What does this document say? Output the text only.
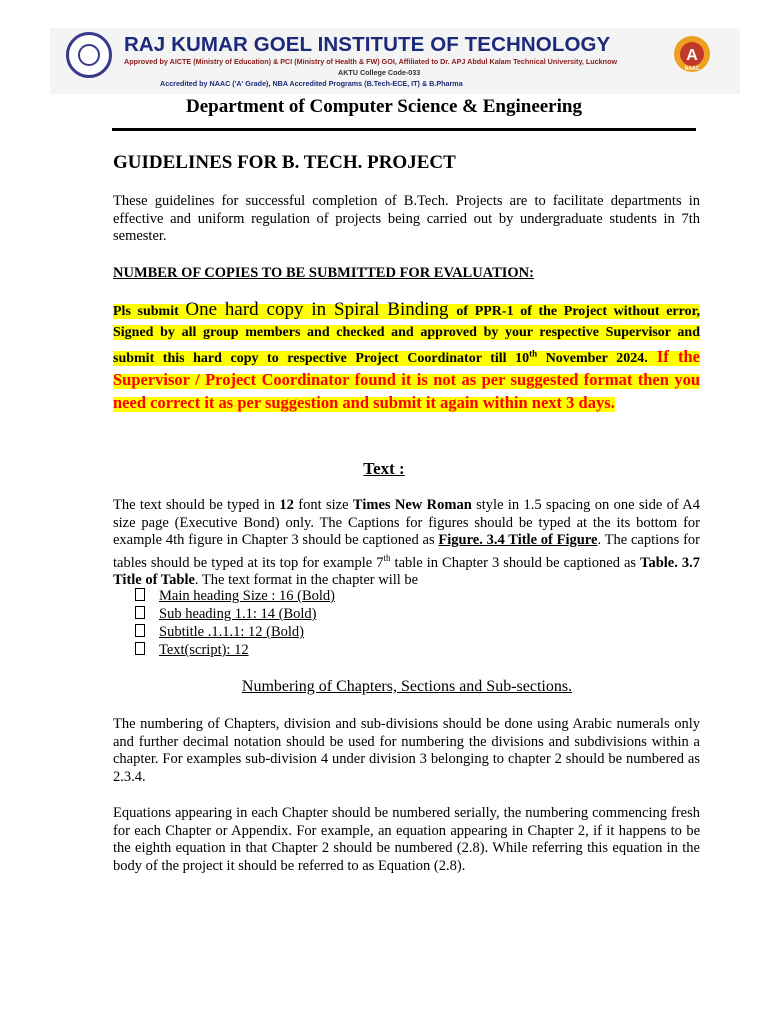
RAJ KUMAR GOEL INSTITUTE OF TECHNOLOGY
Approved by AICTE (Ministry of Education) & PCI (Ministry of Health & FW) GOI, Affiliated to Dr. APJ Abdul Kalam Technical University, Lucknow
AKTU College Code-033
Accredited by NAAC ('A' Grade), NBA Accredited Programs (B.Tech-ECE, IT) & B.Pharma
A
NAAC
Department of Computer Science & Engineering
GUIDELINES FOR B. TECH. PROJECT
These guidelines for successful completion of B.Tech. Projects are to facilitate departments in effective and uniform regulation of projects being carried out by undergraduate students in 7th semester.
NUMBER OF COPIES TO BE SUBMITTED FOR EVALUATION:
Pls submit One hard copy in Spiral Binding of PPR-1 of the Project without error, Signed by all group members and checked and approved by your respective Supervisor and submit this hard copy to respective Project Coordinator till 10th November 2024. If the Supervisor / Project Coordinator found it is not as per suggested format then you need correct it as per suggestion and submit it again within next 3 days.
Text :
The text should be typed in 12 font size Times New Roman style in 1.5 spacing on one side of A4 size page (Executive Bond) only. The Captions for figures should be typed at the its bottom for example 4th figure in Chapter 3 should be captioned as Figure. 3.4 Title of Figure. The captions for tables should be typed at its top for example 7th table in Chapter 3 should be captioned as Table. 3.7 Title of Table. The text format in the chapter will be
Main heading Size : 16 (Bold)
Sub heading 1.1: 14 (Bold)
Subtitle .1.1.1: 12 (Bold)
Text(script): 12
Numbering of Chapters, Sections and Sub-sections.
The numbering of Chapters, division and sub-divisions should be done using Arabic numerals only and further decimal notation should be used for numbering the divisions and subdivisions within a chapter. For examples sub-division 4 under division 3 belonging to chapter 2 should be numbered as 2.3.4.
Equations appearing in each Chapter should be numbered serially, the numbering commencing fresh for each Chapter or Appendix. For example, an equation appearing in Chapter 2, if it happens to be the eighth equation in that Chapter 2 should be numbered (2.8). While referring this equation in the body of the project it should be referred to as Equation (2.8).
